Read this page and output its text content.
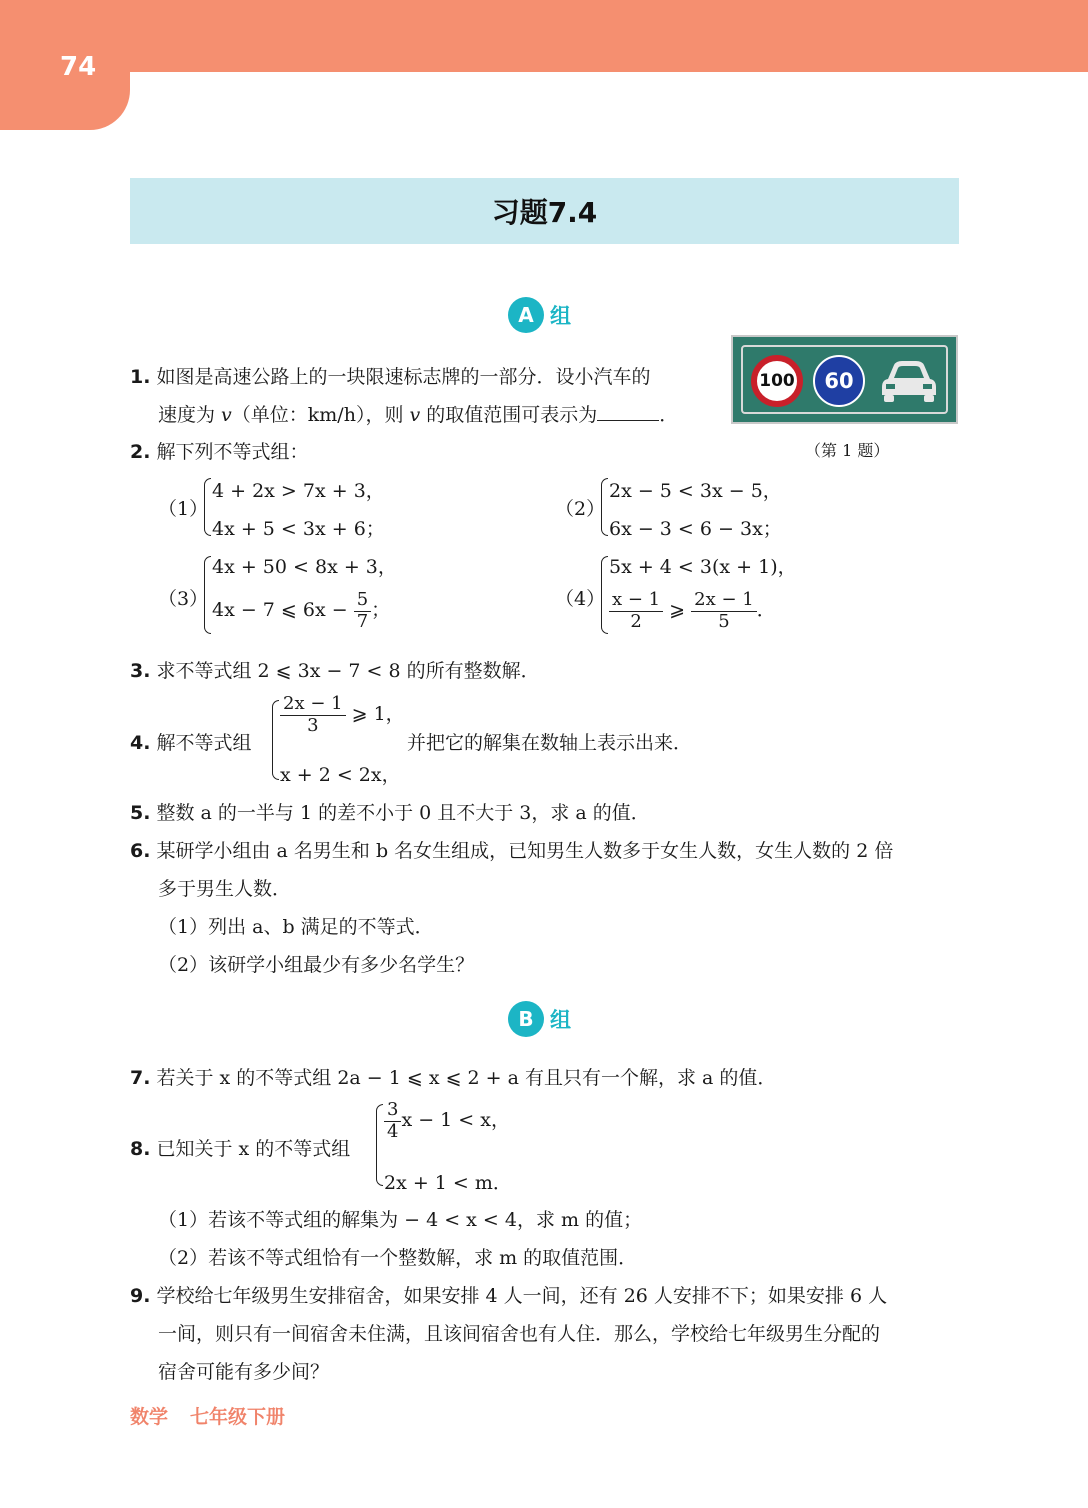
74
习题7.4
A 组
1. 如图是高速公路上的一块限速标志牌的一部分．设小汽车的
速度为 v（单位：km/h），则 v 的取值范围可表示为	．
100	60
（第 1 题）
2. 解下列不等式组：
（1）
4 + 2x > 7x + 3，
4x + 5 < 3x + 6；
（2）
2x − 5 < 3x − 5，
6x − 3 < 6 − 3x；
（3）
4x + 50 < 8x + 3，
4x − 7 ⩽ $6x - \frac{5}{7}$ ；
（4）
5x + 4 < 3(x + 1)，
$\frac{x - 1}{2}$ ⩾ $\frac{2x - 1}{5}$ ．
3. 求不等式组 2 ⩽ 3x − 7 < 8 的所有整数解．
4. 解不等式组
$\frac{2x - 1}{3}$ ⩾ 1，
x + 2 < 2x，
并把它的解集在数轴上表示出来．
5. 整数 a 的一半与 1 的差不小于 0 且不大于 3，求 a 的值．
6. 某研学小组由 a 名男生和 b 名女生组成，已知男生人数多于女生人数，女生人数的 2 倍
多于男生人数．
（1）列出 a、b 满足的不等式．
（2）该研学小组最少有多少名学生？
B 组
7. 若关于 x 的不等式组 2a − 1 ⩽ x ⩽ 2 + a 有且只有一个解，求 a 的值．
8. 已知关于 x 的不等式组
$\frac{3}{4}$ x − 1 < x，
2x + 1 < m．
（1）若该不等式组的解集为 − 4 < x < 4，求 m 的值；
（2）若该不等式组恰有一个整数解，求 m 的取值范围．
9. 学校给七年级男生安排宿舍，如果安排 4 人一间，还有 26 人安排不下；如果安排 6 人
一间，则只有一间宿舍未住满，且该间宿舍也有人住．那么，学校给七年级男生分配的
宿舍可能有多少间？
数学 七年级下册
